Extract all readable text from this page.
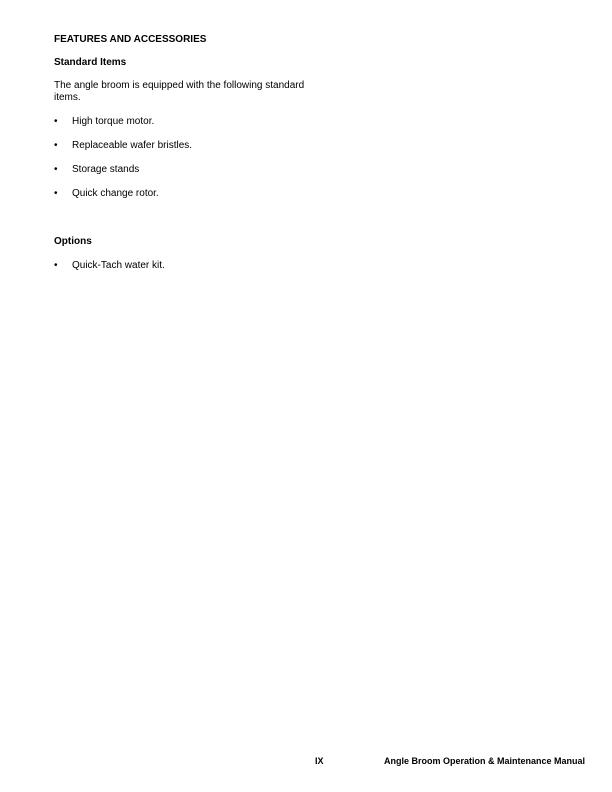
FEATURES AND ACCESSORIES
Standard Items

The angle broom is equipped with the following standard items.

•	High torque motor.
•	Replaceable wafer bristles.
•	Storage stands
•	Quick change rotor.
Options
•	Quick-Tach water kit.
IX	Angle Broom Operation & Maintenance Manual
